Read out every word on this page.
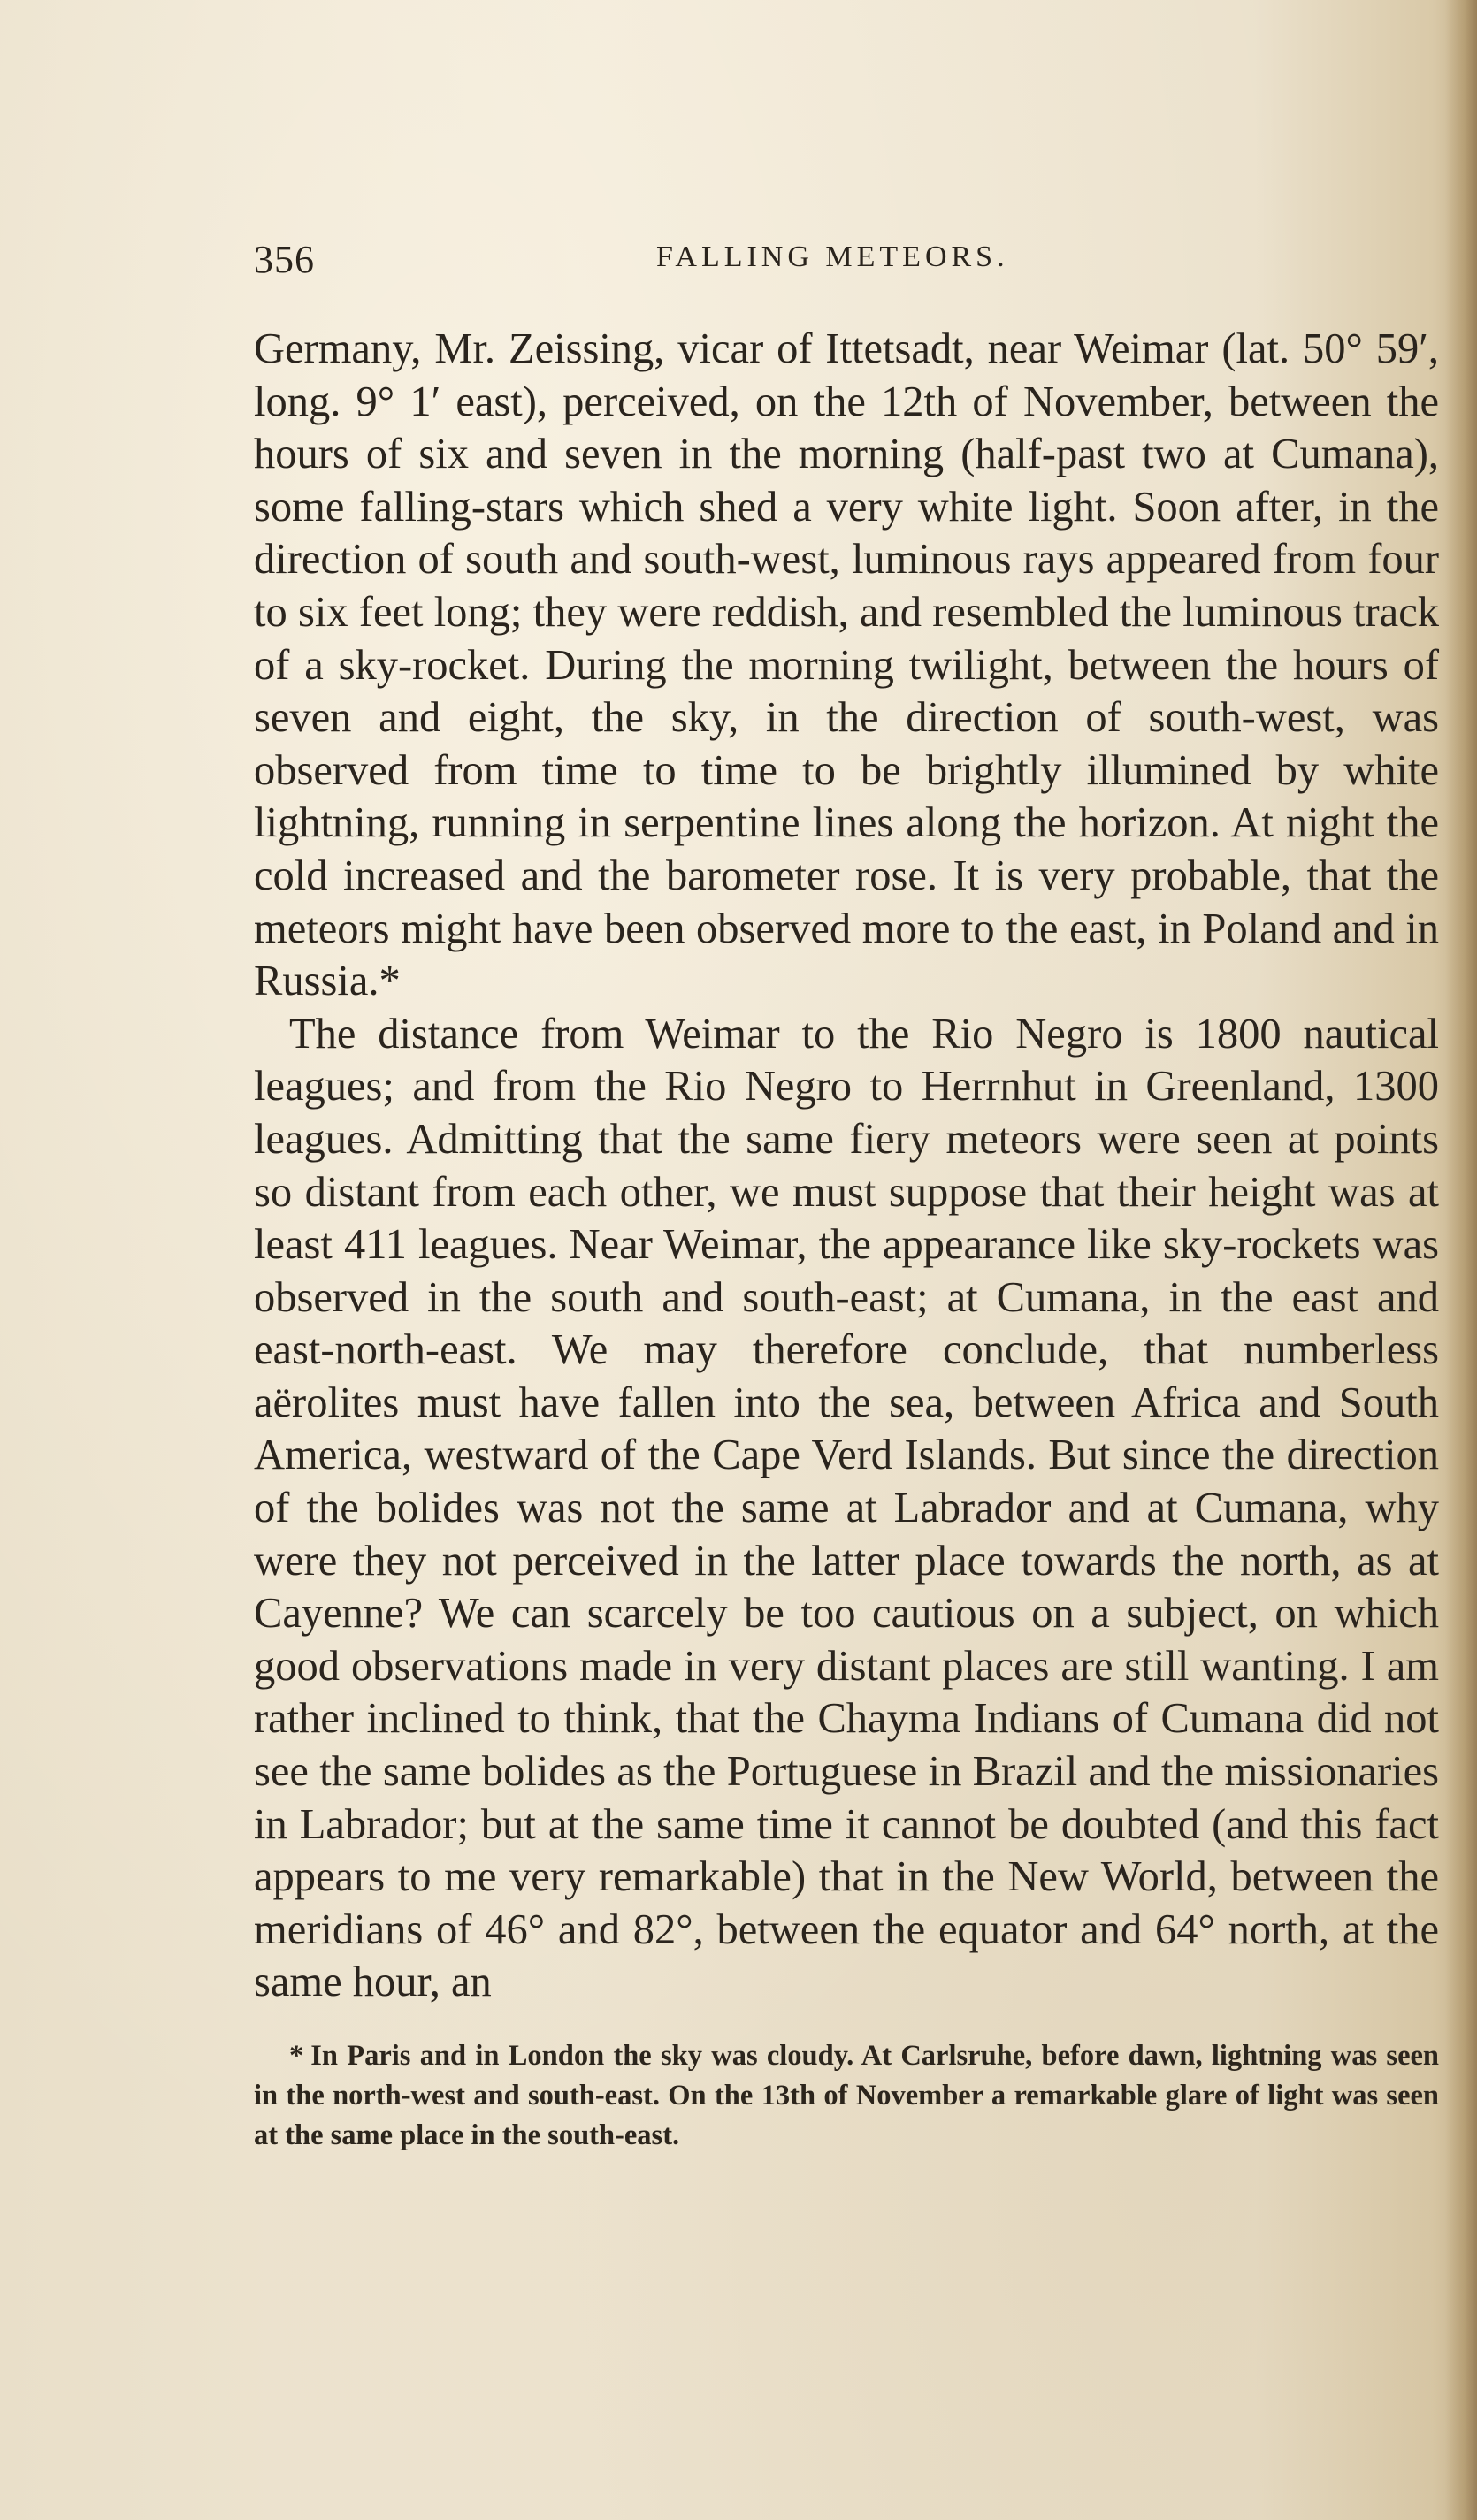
356	FALLING METEORS.

Germany, Mr. Zeissing, vicar of Ittetsadt, near Weimar (lat. 50° 59′, long. 9° 1′ east), perceived, on the 12th of November, between the hours of six and seven in the morning (half-past two at Cumana), some falling-stars which shed a very white light. Soon after, in the direction of south and south-west, luminous rays appeared from four to six feet long; they were reddish, and resembled the luminous track of a sky-rocket. During the morning twilight, between the hours of seven and eight, the sky, in the direction of south-west, was observed from time to time to be brightly illumined by white lightning, running in serpentine lines along the horizon. At night the cold increased and the barometer rose. It is very probable, that the meteors might have been observed more to the east, in Poland and in Russia.*

The distance from Weimar to the Rio Negro is 1800 nautical leagues; and from the Rio Negro to Herrnhut in Greenland, 1300 leagues. Admitting that the same fiery meteors were seen at points so distant from each other, we must suppose that their height was at least 411 leagues. Near Weimar, the appearance like sky-rockets was observed in the south and south-east; at Cumana, in the east and east-north-east. We may therefore conclude, that numberless aërolites must have fallen into the sea, between Africa and South America, westward of the Cape Verd Islands. But since the direction of the bolides was not the same at Labrador and at Cumana, why were they not perceived in the latter place towards the north, as at Cayenne? We can scarcely be too cautious on a subject, on which good observations made in very distant places are still wanting. I am rather inclined to think, that the Chayma Indians of Cumana did not see the same bolides as the Portuguese in Brazil and the missionaries in Labrador; but at the same time it cannot be doubted (and this fact appears to me very remarkable) that in the New World, between the meridians of 46° and 82°, between the equator and 64° north, at the same hour, an

* In Paris and in London the sky was cloudy. At Carlsruhe, before dawn, lightning was seen in the north-west and south-east. On the 13th of November a remarkable glare of light was seen at the same place in the south-east.
